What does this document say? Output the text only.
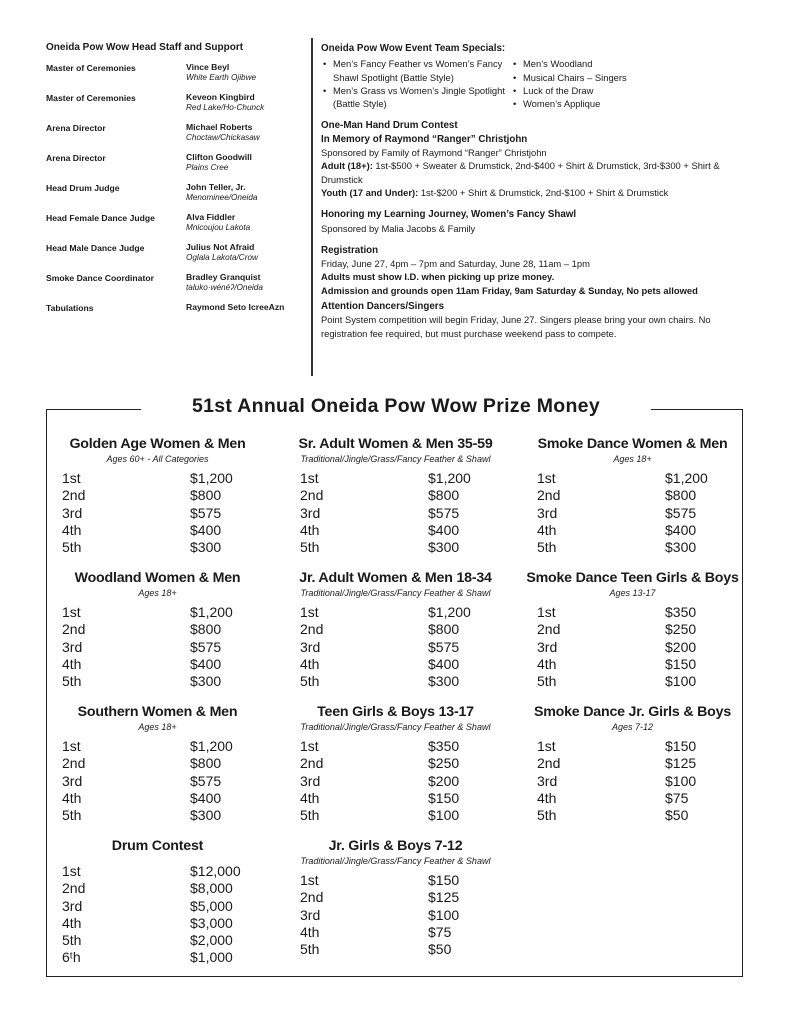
Oneida Pow Wow Head Staff and Support
Master of Ceremonies	Vince Beyl
White Earth Ojibwe
Master of Ceremonies	Keveon Kingbird
Red Lake/Ho-Chunck
Arena Director	Michael Roberts
Choctaw/Chickasaw
Arena Director	Clifton Goodwill
Plains Cree
Head Drum Judge	John Teller, Jr.
Menominee/Oneida
Head Female Dance Judge	Alva Fiddler
Mnicoujou Lakota
Head Male Dance Judge	Julius Not Afraid
Oglala Lakota/Crow
Smoke Dance Coordinator	Bradley Granquist
taluko·wénéʔ/Oneida
Tabulations	Raymond Seto IcreeAzn
Oneida Pow Wow Event Team Specials:
• Men’s Fancy Feather vs Women’s Fancy Shawl Spotlight (Battle Style)
• Men’s Grass vs Women’s Jingle Spotlight (Battle Style)
• Men’s Woodland
• Musical Chairs – Singers
• Luck of the Draw
• Women’s Applique
One-Man Hand Drum Contest
In Memory of Raymond “Ranger” Christjohn
Sponsored by Family of Raymond “Ranger” Christjohn
Adult (18+): 1st-$500 + Sweater & Drumstick, 2nd-$400 + Shirt & Drumstick, 3rd-$300 + Shirt & Drumstick
Youth (17 and Under): 1st-$200 + Shirt & Drumstick, 2nd-$100 + Shirt & Drumstick
Honoring my Learning Journey, Women’s Fancy Shawl
Sponsored by Malia Jacobs & Family
Registration
Friday, June 27, 4pm – 7pm and Saturday, June 28, 11am – 1pm
Adults must show I.D. when picking up prize money.
Admission and grounds open 11am Friday, 9am Saturday & Sunday, No pets allowed
Attention Dancers/Singers
Point System competition will begin Friday, June 27. Singers please bring your own chairs. No registration fee required, but must purchase weekend pass to compete.
51st Annual Oneida Pow Wow Prize Money
Golden Age Women & Men
Ages 60+ - All Categories
1st	$1,200
2nd	$800
3rd	$575
4th	$400
5th	$300
Sr. Adult Women & Men 35-59
Traditional/Jingle/Grass/Fancy Feather & Shawl
1st	$1,200
2nd	$800
3rd	$575
4th	$400
5th	$300
Smoke Dance Women & Men
Ages 18+
1st	$1,200
2nd	$800
3rd	$575
4th	$400
5th	$300
Woodland Women & Men
Ages 18+
1st	$1,200
2nd	$800
3rd	$575
4th	$400
5th	$300
Jr. Adult Women & Men 18-34
Traditional/Jingle/Grass/Fancy Feather & Shawl
1st	$1,200
2nd	$800
3rd	$575
4th	$400
5th	$300
Smoke Dance Teen Girls & Boys
Ages 13-17
1st	$350
2nd	$250
3rd	$200
4th	$150
5th	$100
Southern Women & Men
Ages 18+
1st	$1,200
2nd	$800
3rd	$575
4th	$400
5th	$300
Teen Girls & Boys 13-17
Traditional/Jingle/Grass/Fancy Feather & Shawl
1st	$350
2nd	$250
3rd	$200
4th	$150
5th	$100
Smoke Dance Jr. Girls & Boys
Ages 7-12
1st	$150
2nd	$125
3rd	$100
4th	$75
5th	$50
Drum Contest
1st	$12,000
2nd	$8,000
3rd	$5,000
4th	$3,000
5th	$2,000
6ᵗh	$1,000
Jr. Girls & Boys 7-12
Traditional/Jingle/Grass/Fancy Feather & Shawl
1st	$150
2nd	$125
3rd	$100
4th	$75
5th	$50
